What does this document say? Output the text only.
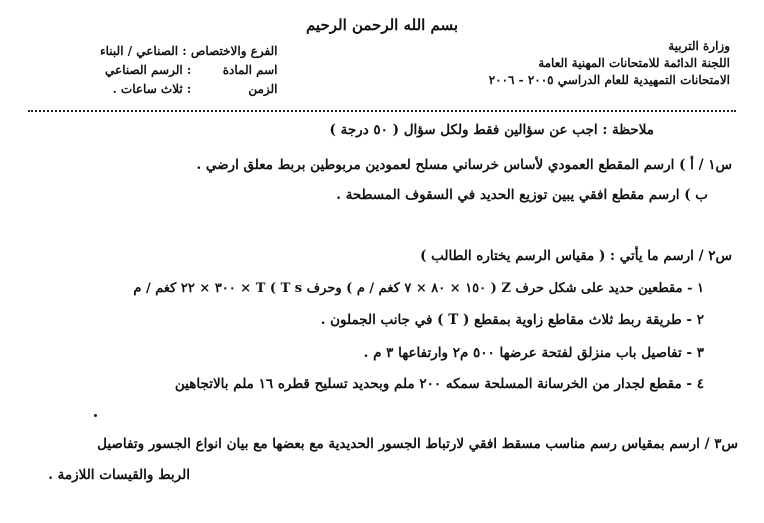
بسم الله الرحمن الرحيم
وزارة التربية
اللجنة الدائمة للامتحانات المهنية العامة
الامتحانات التمهيدية للعام الدراسي ٢٠٠٥ - ٢٠٠٦
الفرع والاختصاص : الصناعي / البناء
اسم المادة : الرسم الصناعي
الزمن : ثلاث ساعات .
ملاحظة : اجب عن سؤالين فقط ولكل سؤال ( ٥٠ درجة )
س١ / أ ) ارسم المقطع العمودي لأساس خرساني مسلح لعمودين مربوطين بربط معلق ارضي .
ب ) ارسم مقطع افقي يبين توزيع الحديد في السقوف المسطحة .
س٢ / ارسم ما يأتي : ( مقياس الرسم يختاره الطالب )
١ - مقطعين حديد على شكل حرف Z ( ١٥٠ × ٨٠ × ٧ كغم / م ) وحرف T ( T s × ٣٠٠ × ٢٢ كغم / م
٢ - طريقة ربط ثلاث مقاطع زاوية بمقطع ( T ) في جانب الجملون .
٣ - تفاصيل باب منزلق لفتحة عرضها ٥٠٠ م٢ وارتفاعها ٣ م .
٤ - مقطع لجدار من الخرسانة المسلحة سمكه ٢٠٠ ملم وبحديد تسليح قطره ١٦ ملم بالاتجاهين
س٣ / ارسم بمقياس رسم مناسب مسقط افقي لارتباط الجسور الحديدية مع بعضها مع بيان انواع الجسور وتفاصيل
الربط والقيسات اللازمة .
